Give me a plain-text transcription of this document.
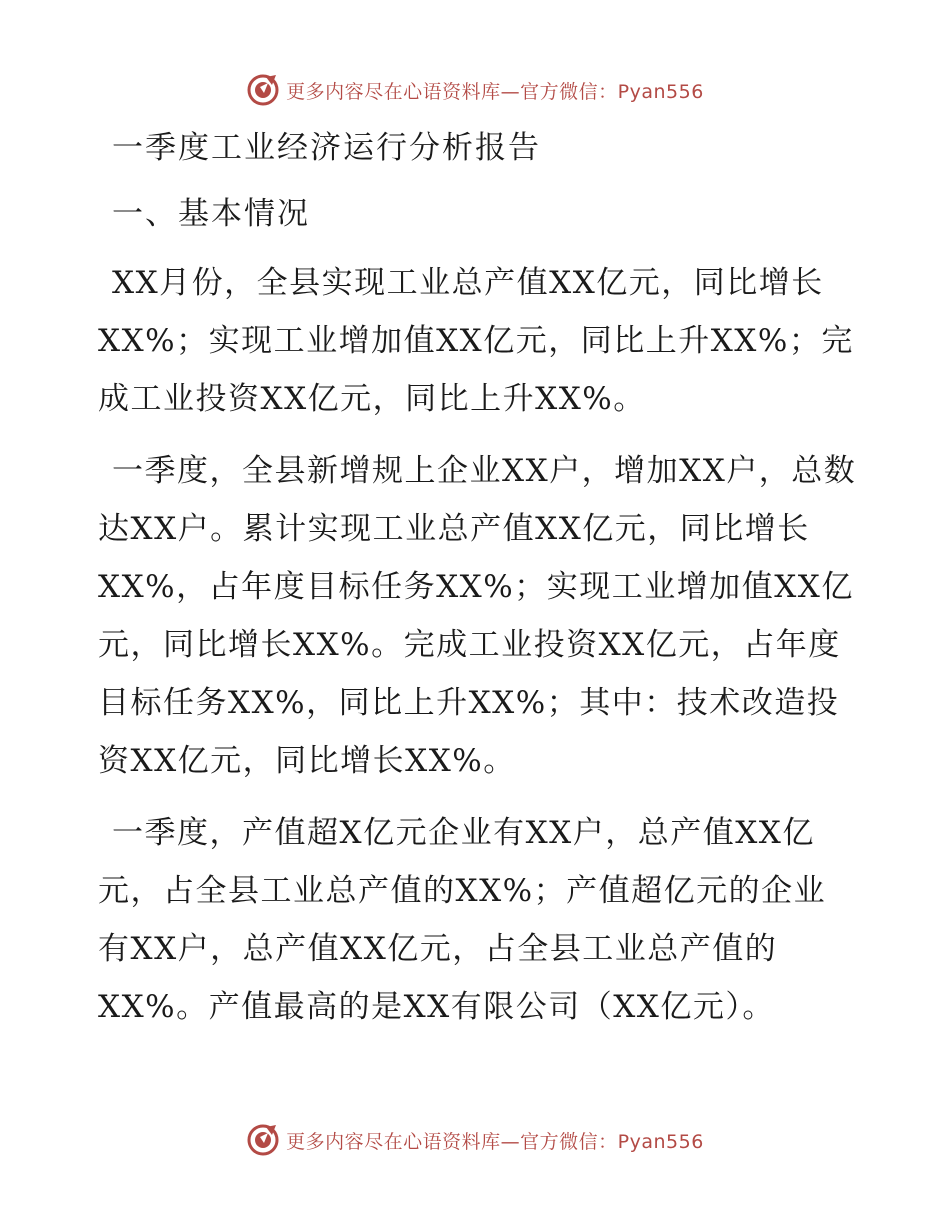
更多内容尽在心语资料库—官方微信：Pyan556
一季度工业经济运行分析报告
一、基本情况

XX月份，全县实现工业总产值XX亿元，同比增长XX%；实现工业增加值XX亿元，同比上升XX%；完成工业投资XX亿元，同比上升XX%。

一季度，全县新增规上企业XX户，增加XX户，总数达XX户。累计实现工业总产值XX亿元，同比增长XX%，占年度目标任务XX%；实现工业增加值XX亿元，同比增长XX%。完成工业投资XX亿元，占年度目标任务XX%，同比上升XX%；其中：技术改造投资XX亿元，同比增长XX%。

一季度，产值超X亿元企业有XX户，总产值XX亿元，占全县工业总产值的XX%；产值超亿元的企业有XX户，总产值XX亿元，占全县工业总产值的XX%。产值最高的是XX有限公司（XX亿元）。

更多内容尽在心语资料库—官方微信：Pyan556
